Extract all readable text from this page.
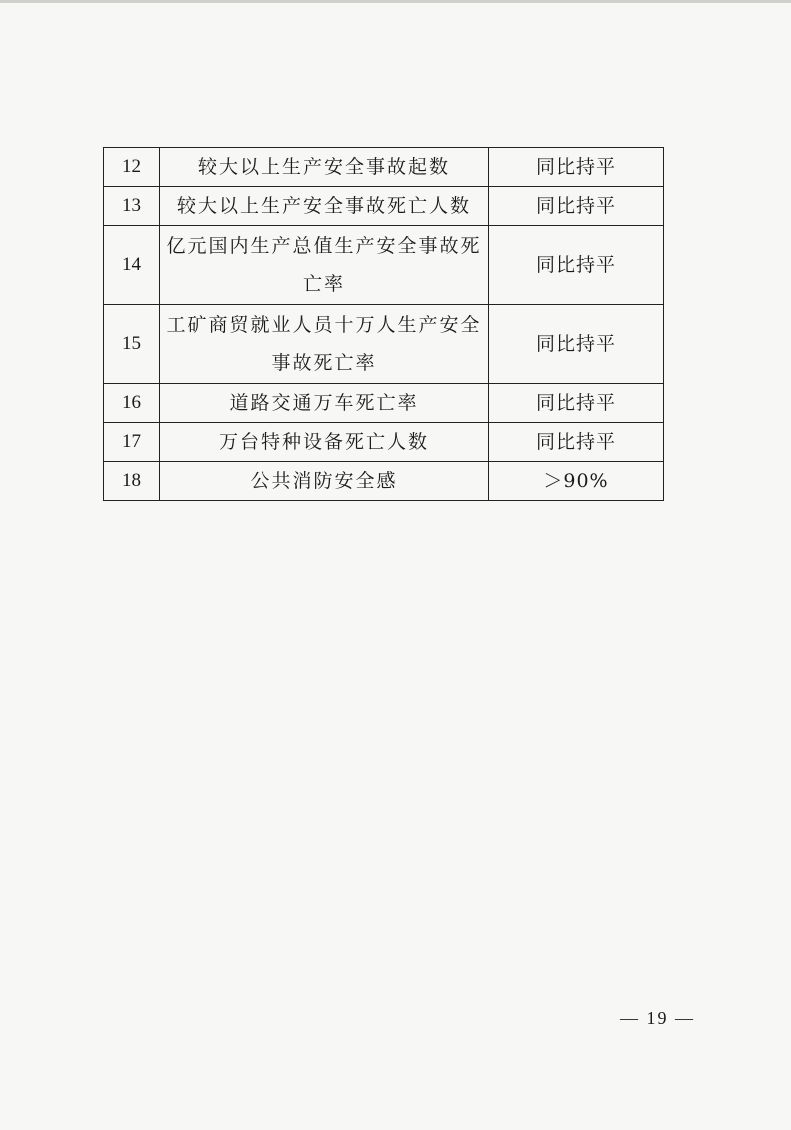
12	较大以上生产安全事故起数	同比持平
13	较大以上生产安全事故死亡人数	同比持平
14	亿元国内生产总值生产安全事故死亡率	同比持平
15	工矿商贸就业人员十万人生产安全事故死亡率	同比持平
16	道路交通万车死亡率	同比持平
17	万台特种设备死亡人数	同比持平
18	公共消防安全感	＞90%
— 19 —
